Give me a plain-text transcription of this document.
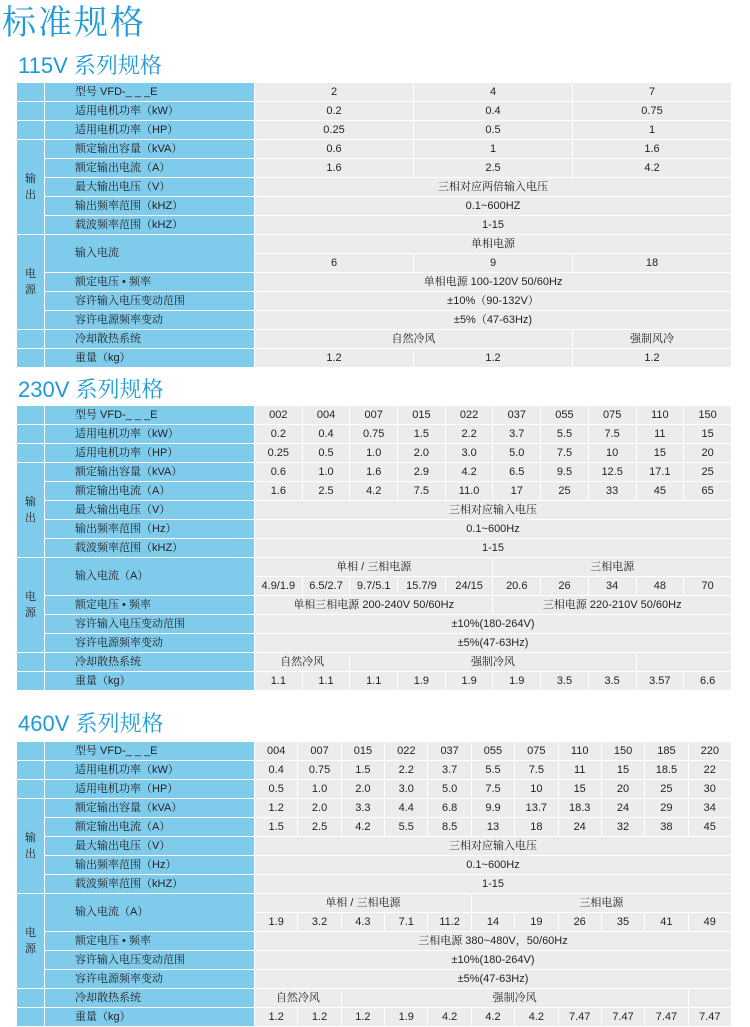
标准规格
115V 系列规格
	型号 VFD-_ _ _E	2	4	7
	适用电机功率（kW）	0.2	0.4	0.75
	适用电机功率（HP）	0.25	0.5	1
输出	额定输出容量（kVA）	0.6	1	1.6
	额定输出电流（A）	1.6	2.5	4.2
	最大输出电压（V）	三相对应两倍输入电压		
	输出频率范围（kHZ）	0.1~600HZ		
	载波频率范围（kHZ）	1-15		
电源	输入电流	单相电源		
		6	9	18
	额定电压 • 频率	单相电源 100-120V 50/60Hz		
	容许输入电压变动范围	±10%（90-132V）		
	容许电源频率变动	±5%（47-63Hz)		
	冷却散热系统	自然冷风		强制风冷
	重量（kg）	1.2	1.2	1.2
230V 系列规格
	型号 VFD-_ _ _E	002	004	007	015	022	037	055	075	110	150
	适用电机功率（kW）	0.2	0.4	0.75	1.5	2.2	3.7	5.5	7.5	11	15
	适用电机功率（HP）	0.25	0.5	1.0	2.0	3.0	5.0	7.5	10	15	20
输出	额定输出容量（kVA）	0.6	1.0	1.6	2.9	4.2	6.5	9.5	12.5	17.1	25
	额定输出电流（A）	1.6	2.5	4.2	7.5	11.0	17	25	33	45	65
	最大输出电压（V）	三相对应输入电压									
	输出频率范围（Hz）	0.1~600Hz									
	载波频率范围（kHZ）	1-15									
电源	输入电流（A）	单相 / 三相电源					三相电源				
		4.9/1.9	6.5/2.7	9.7/5.1	15.7/9	24/15	20.6	26	34	48	70
	额定电压 • 频率	单相三相电源 200-240V 50/60Hz					三相电源 220-210V 50/60Hz				
	容许输入电压变动范围	±10%(180-264V)									
	容许电源频率变动	±5%(47-63Hz)									
	冷却散热系统	自然冷风		强制冷风							
	重量（kg）	1.1	1.1	1.1	1.9	1.9	1.9	3.5	3.5	3.57	6.6
460V 系列规格
	型号 VFD-_ _ _E	004	007	015	022	037	055	075	110	150	185	220
	适用电机功率（kW）	0.4	0.75	1.5	2.2	3.7	5.5	7.5	11	15	18.5	22
	适用电机功率（HP）	0.5	1.0	2.0	3.0	5.0	7.5	10	15	20	25	30
输出	额定输出容量（kVA）	1.2	2.0	3.3	4.4	6.8	9.9	13.7	18.3	24	29	34
	额定输出电流（A）	1.5	2.5	4.2	5.5	8.5	13	18	24	32	38	45
	最大输出电压（V）	三相对应输入电压										
	输出频率范围（Hz）	0.1~600Hz										
	载波频率范围（kHZ）	1-15										
电源	输入电流（A）	单相 / 三相电源					三相电源					
		1.9	3.2	4.3	7.1	11.2	14	19	26	35	41	49
	额定电压 • 频率	三相电源 380~480V，50/60Hz										
	容许输入电压变动范围	±10%(180-264V)										
	容许电源频率变动	±5%(47-63Hz)										
	冷却散热系统	自然冷风		强制冷风								
	重量（kg）	1.2	1.2	1.2	1.9	4.2	4.2	4.2	7.47	7.47	7.47	7.47
